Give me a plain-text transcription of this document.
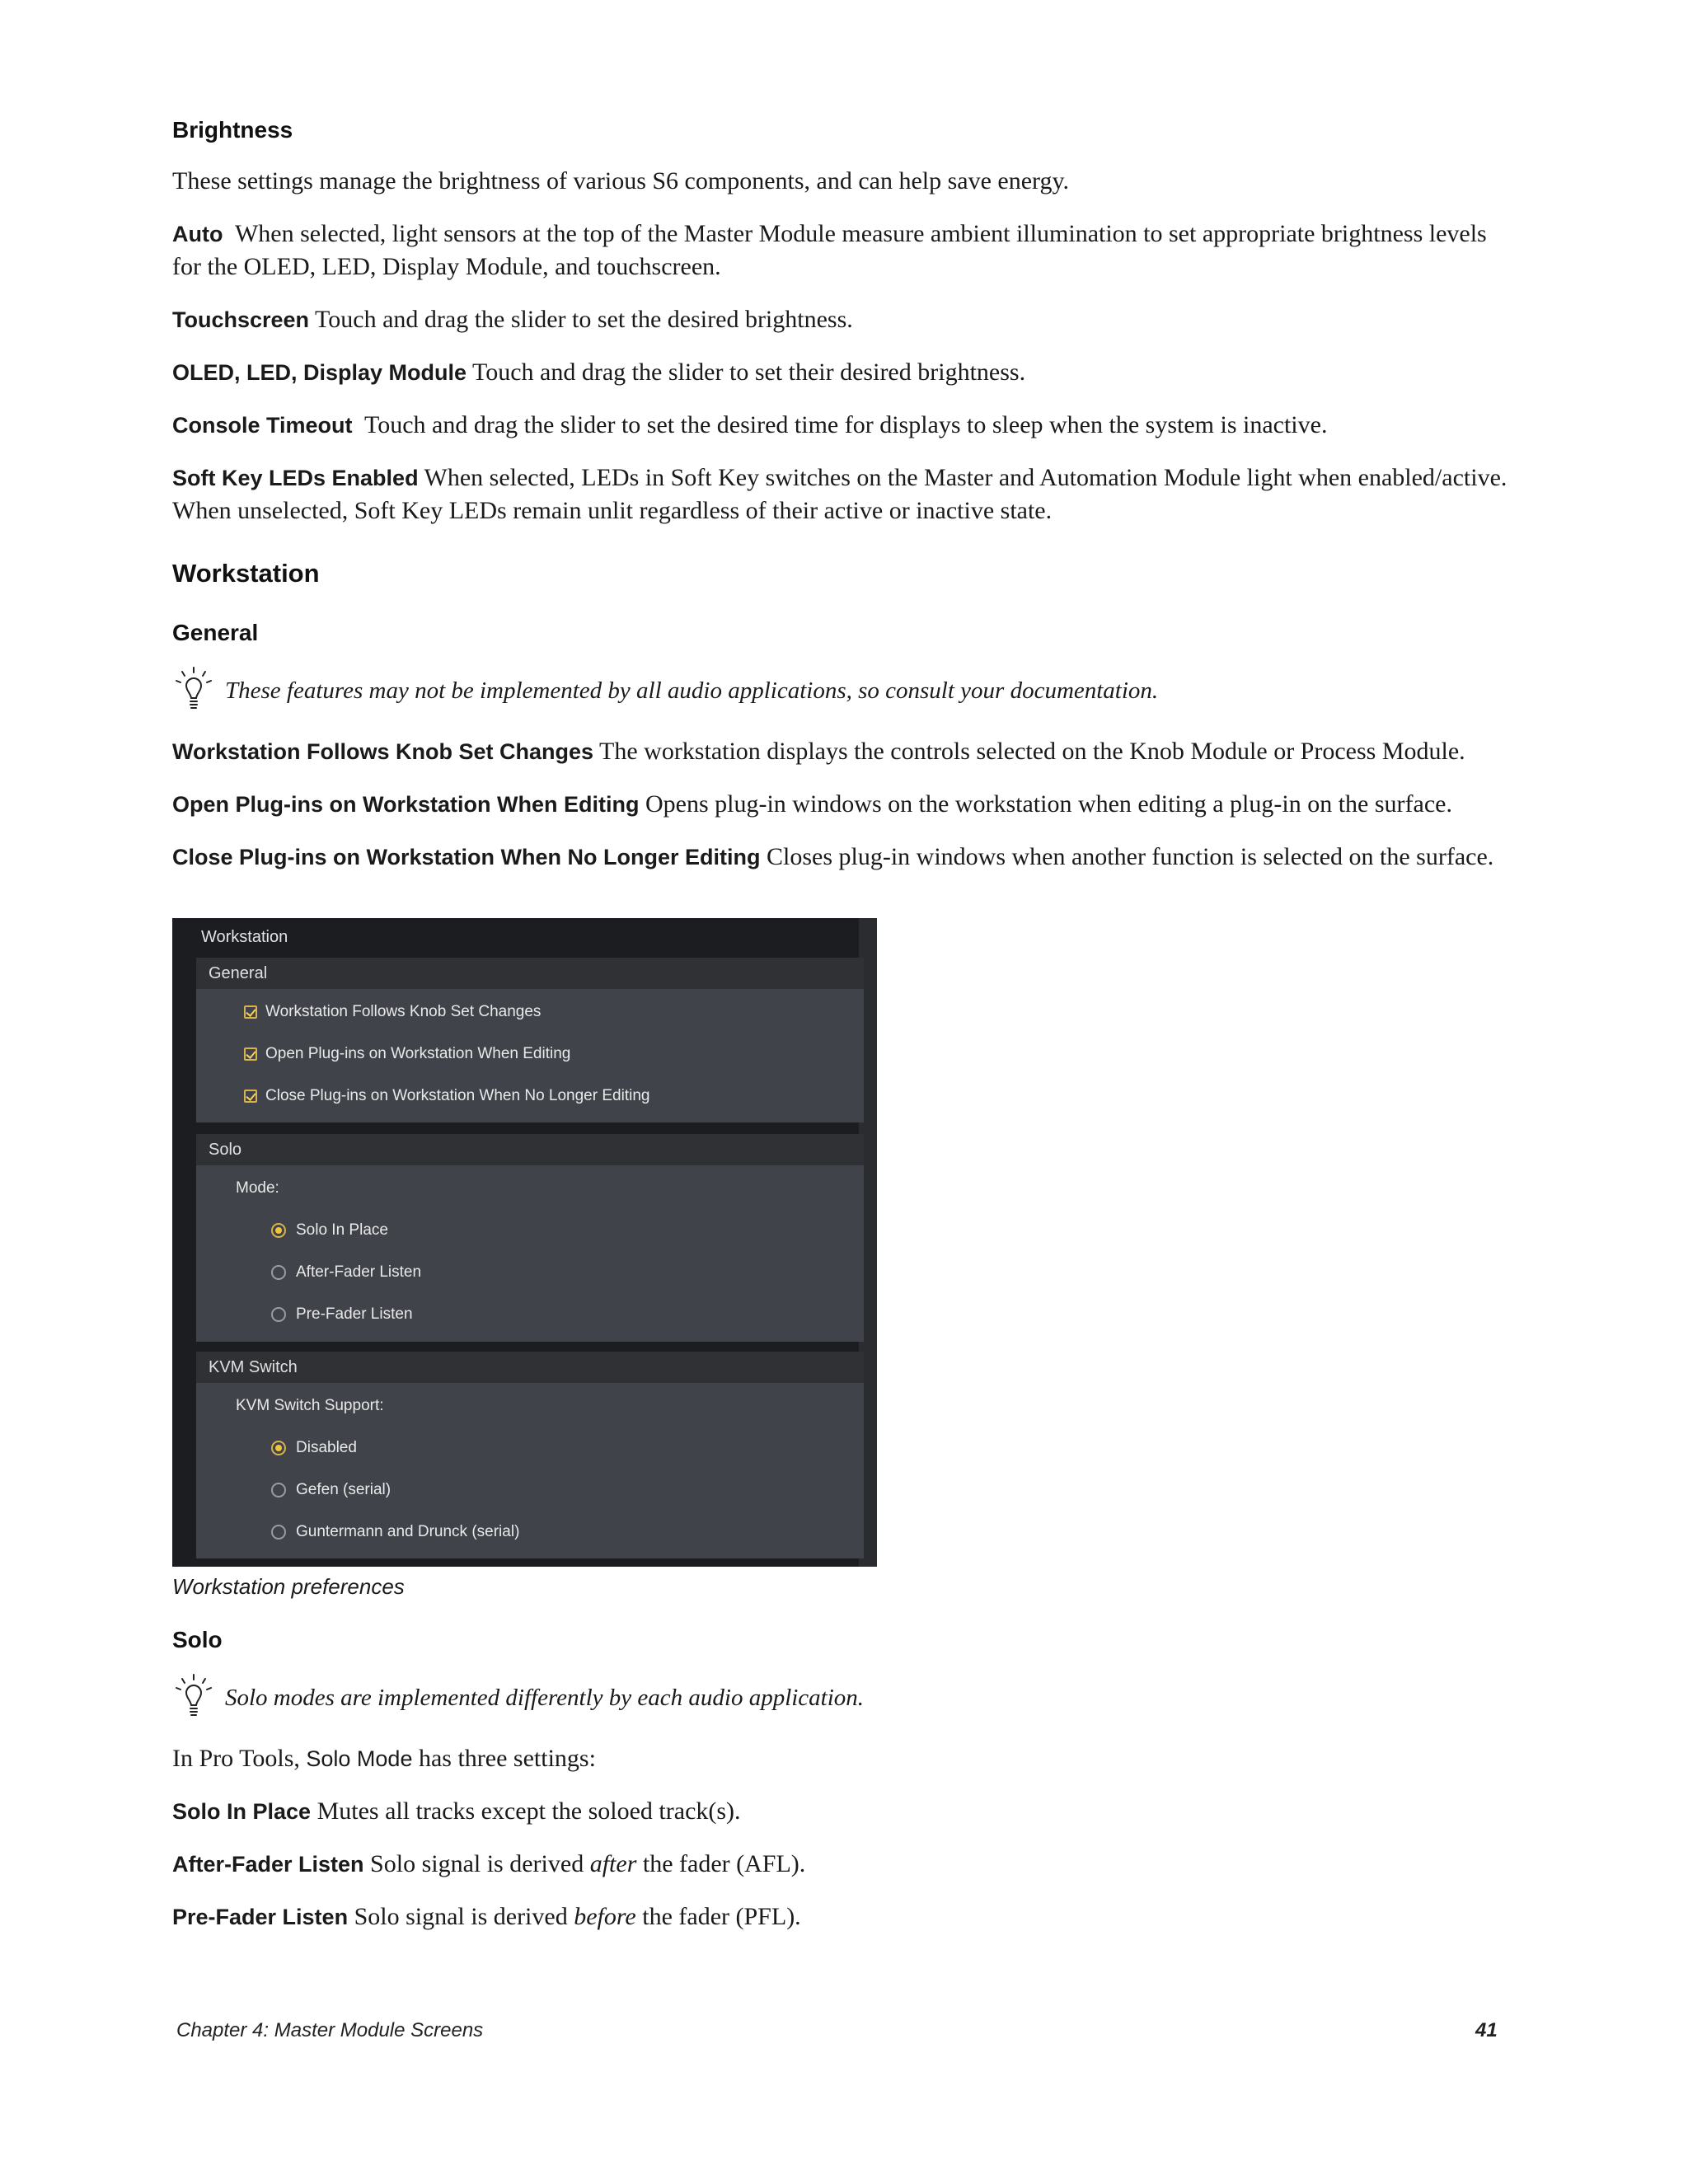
Brightness
These settings manage the brightness of various S6 components, and can help save energy.
Auto When selected, light sensors at the top of the Master Module measure ambient illumination to set appropriate brightness levels for the OLED, LED, Display Module, and touchscreen.
Touchscreen Touch and drag the slider to set the desired brightness.
OLED, LED, Display Module Touch and drag the slider to set their desired brightness.
Console Timeout Touch and drag the slider to set the desired time for displays to sleep when the system is inactive.
Soft Key LEDs Enabled When selected, LEDs in Soft Key switches on the Master and Automation Module light when enabled/active. When unselected, Soft Key LEDs remain unlit regardless of their active or inactive state.
Workstation
General
These features may not be implemented by all audio applications, so consult your documentation.
Workstation Follows Knob Set Changes The workstation displays the controls selected on the Knob Module or Process Module.
Open Plug-ins on Workstation When Editing Opens plug-in windows on the workstation when editing a plug-in on the surface.
Close Plug-ins on Workstation When No Longer Editing Closes plug-in windows when another function is selected on the surface.
Workstation
General
Workstation Follows Knob Set Changes
Open Plug-ins on Workstation When Editing
Close Plug-ins on Workstation When No Longer Editing
Solo
Mode:
Solo In Place
After-Fader Listen
Pre-Fader Listen
KVM Switch
KVM Switch Support:
Disabled
Gefen (serial)
Guntermann and Drunck (serial)
Workstation preferences
Solo
Solo modes are implemented differently by each audio application.
In Pro Tools, Solo Mode has three settings:
Solo In Place Mutes all tracks except the soloed track(s).
After-Fader Listen Solo signal is derived after the fader (AFL).
Pre-Fader Listen Solo signal is derived before the fader (PFL).
Chapter 4: Master Module Screens	41
